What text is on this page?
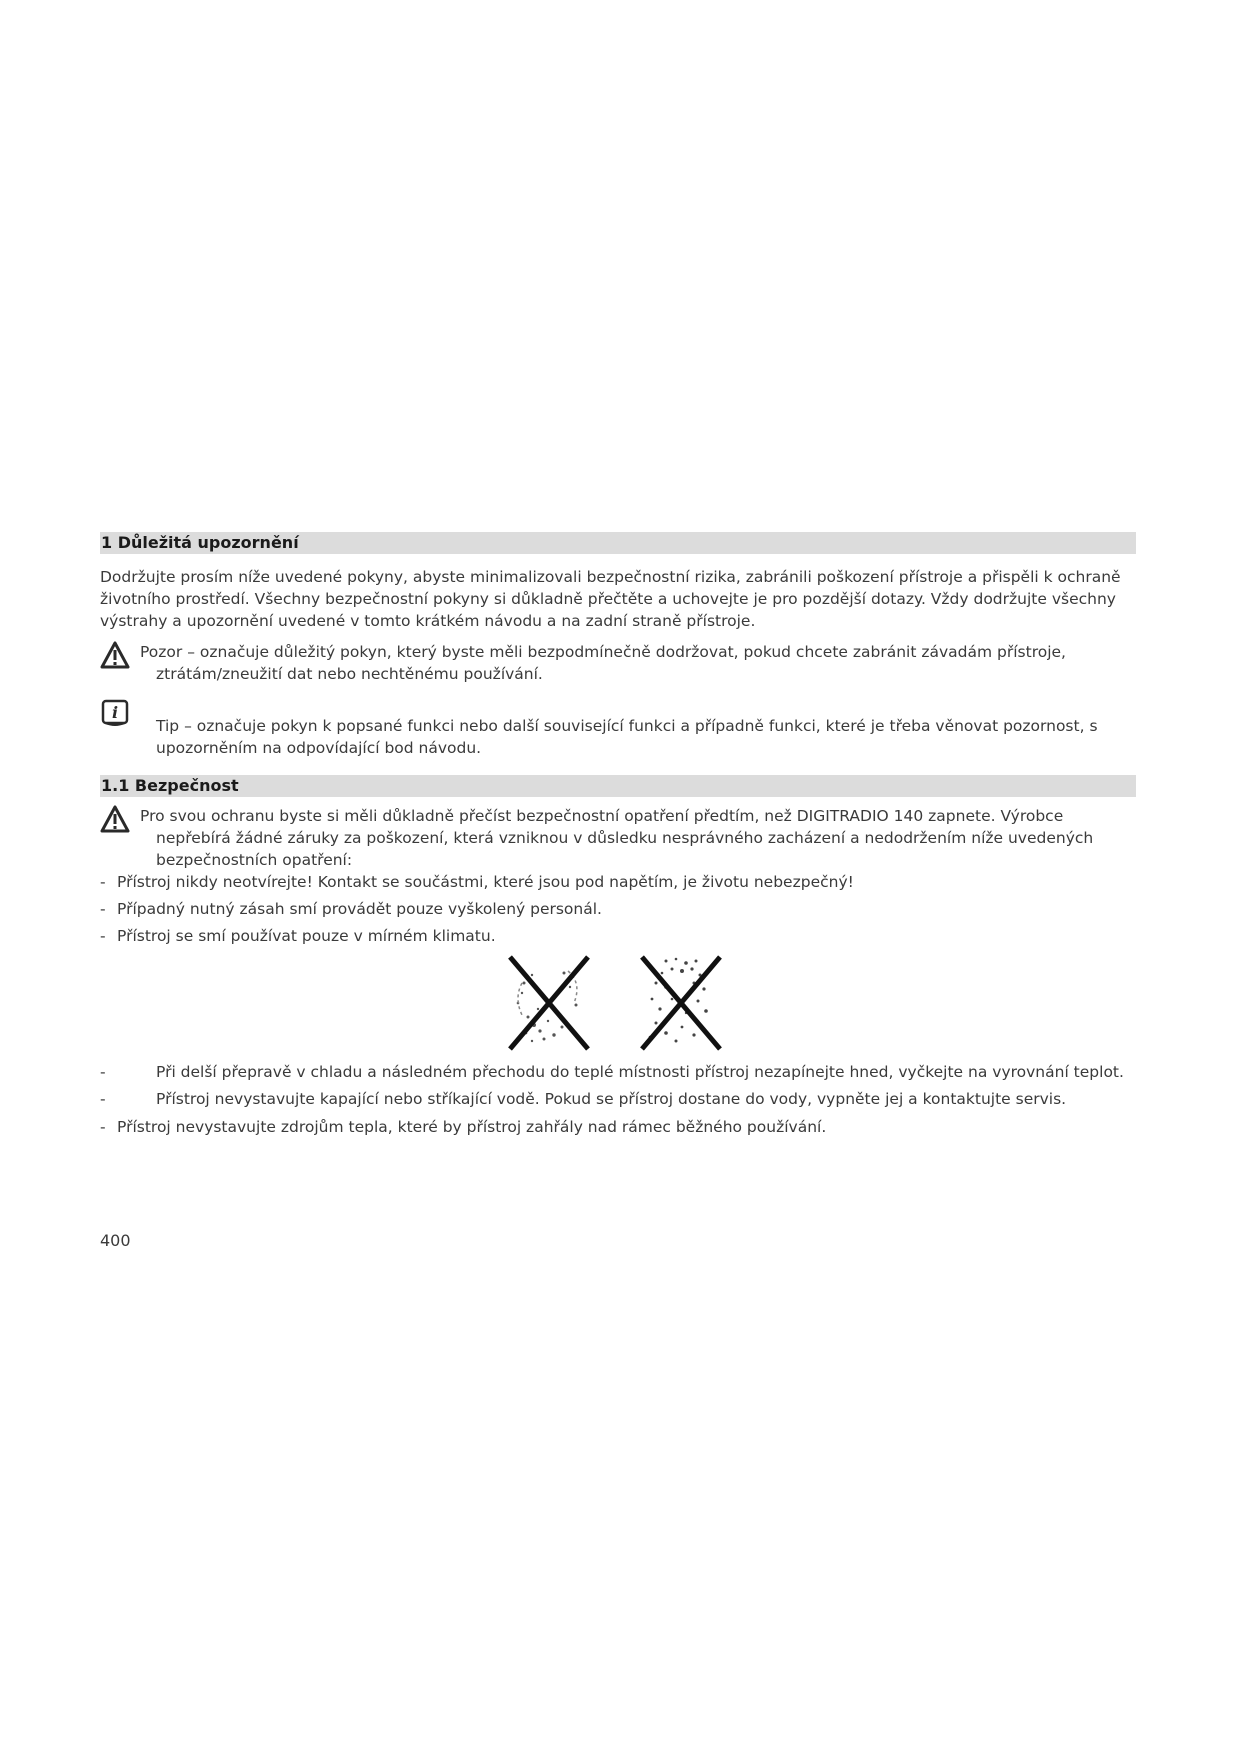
1 Důležitá upozornění

Dodržujte prosím níže uvedené pokyny, abyste minimalizovali bezpečnostní rizika, zabránili poškození přístroje a přispěli k ochraně životního prostředí. Všechny bezpečnostní pokyny si důkladně přečtěte a uchovejte je pro pozdější dotazy. Vždy dodržujte všechny výstrahy a upozornění uvedené v tomto krátkém návodu a na zadní straně přístroje.

Pozor – označuje důležitý pokyn, který byste měli bezpodmínečně dodržovat, pokud chcete zabránit závadám přístroje,
ztrátám/zneužití dat nebo nechtěnému používání.
i
Tip – označuje pokyn k popsané funkci nebo další související funkci a případně funkci, které je třeba věnovat pozornost, s upozorněním na odpovídající bod návodu.
1.1 Bezpečnost
Pro svou ochranu byste si měli důkladně přečíst bezpečnostní opatření předtím, než DIGITRADIO 140 zapnete. Výrobce
nepřebírá žádné záruky za poškození, která vzniknou v důsledku nesprávného zacházení a nedodržením níže uvedených bezpečnostních opatření:
- Přístroj nikdy neotvírejte! Kontakt se součástmi, které jsou pod napětím, je životu nebezpečný!
- Případný nutný zásah smí provádět pouze vyškolený personál.
- Přístroj se smí používat pouze v mírném klimatu.
- Při delší přepravě v chladu a následném přechodu do teplé místnosti přístroj nezapínejte hned, vyčkejte na vyrovnání teplot.
- Přístroj nevystavujte kapající nebo stříkající vodě. Pokud se přístroj dostane do vody, vypněte jej a kontaktujte servis.
- Přístroj nevystavujte zdrojům tepla, které by přístroj zahřály nad rámec běžného používání.
400
